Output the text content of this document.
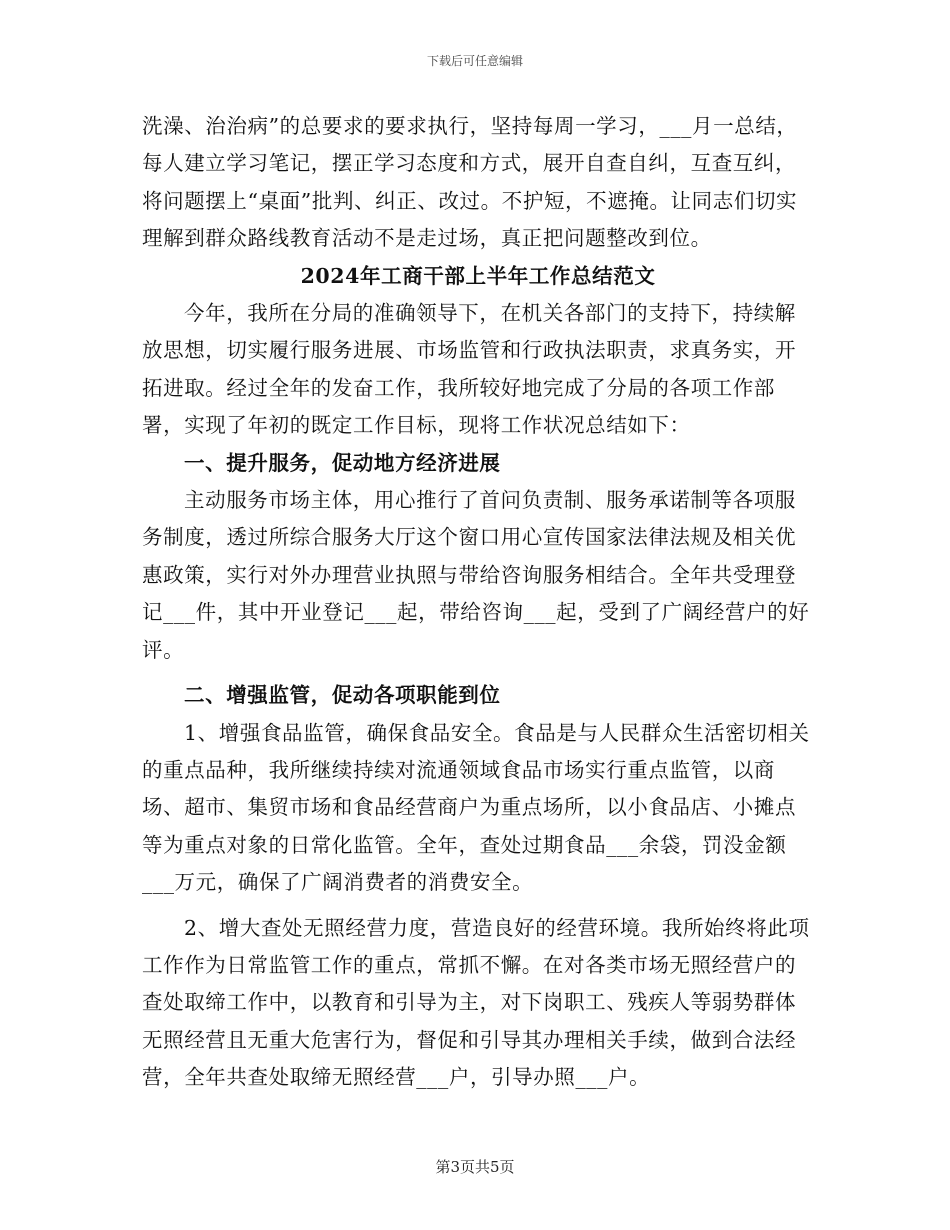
下载后可任意编辑

洗澡、治治病”的总要求的要求执行，坚持每周一学习，___月一总结，每人建立学习笔记，摆正学习态度和方式，展开自查自纠，互查互纠，将问题摆上“桌面”批判、纠正、改过。不护短，不遮掩。让同志们切实理解到群众路线教育活动不是走过场，真正把问题整改到位。

2024年工商干部上半年工作总结范文

今年，我所在分局的准确领导下，在机关各部门的支持下，持续解放思想，切实履行服务进展、市场监管和行政执法职责，求真务实，开拓进取。经过全年的发奋工作，我所较好地完成了分局的各项工作部署，实现了年初的既定工作目标，现将工作状况总结如下：

一、提升服务，促动地方经济进展

主动服务市场主体，用心推行了首问负责制、服务承诺制等各项服务制度，透过所综合服务大厅这个窗口用心宣传国家法律法规及相关优惠政策，实行对外办理营业执照与带给咨询服务相结合。全年共受理登记___件，其中开业登记___起，带给咨询___起，受到了广阔经营户的好评。

二、增强监管，促动各项职能到位

1、增强食品监管，确保食品安全。食品是与人民群众生活密切相关的重点品种，我所继续持续对流通领域食品市场实行重点监管，以商场、超市、集贸市场和食品经营商户为重点场所，以小食品店、小摊点等为重点对象的日常化监管。全年，查处过期食品___余袋，罚没金额___万元，确保了广阔消费者的消费安全。

2、增大查处无照经营力度，营造良好的经营环境。我所始终将此项工作作为日常监管工作的重点，常抓不懈。在对各类市场无照经营户的查处取缔工作中，以教育和引导为主，对下岗职工、残疾人等弱势群体无照经营且无重大危害行为，督促和引导其办理相关手续，做到合法经营，全年共查处取缔无照经营___户，引导办照___户。

第3页共5页
